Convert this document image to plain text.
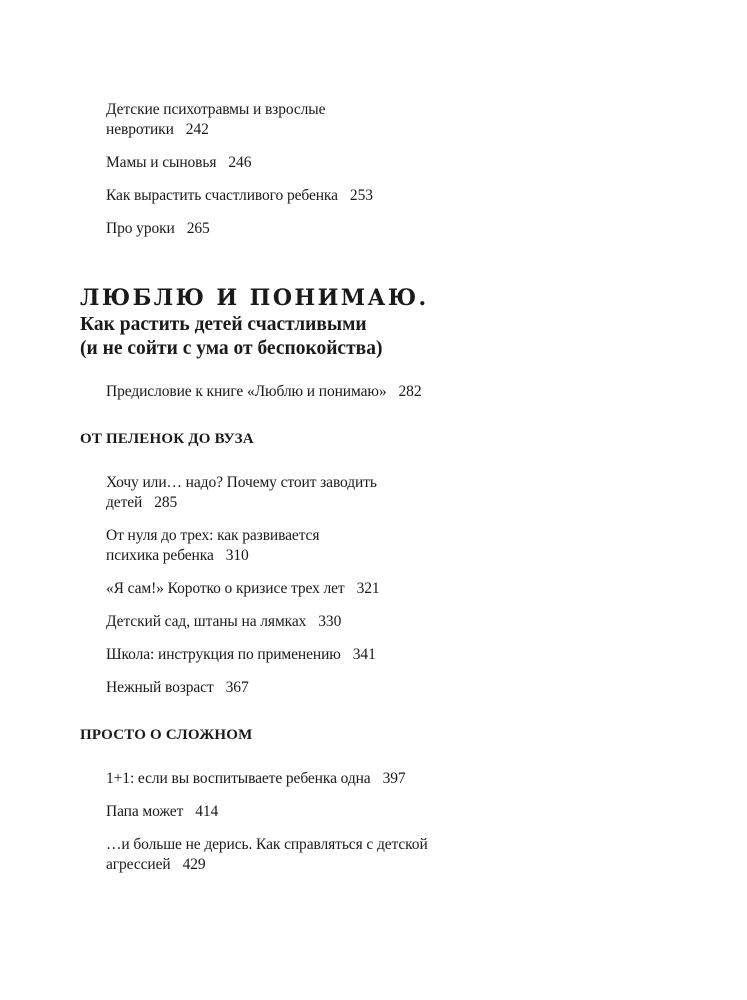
Детские психотравмы и взрослые
невротики 242
Мамы и сыновья 246
Как вырастить счастливого ребенка 253
Про уроки 265
ЛЮБЛЮ И ПОНИМАЮ.
Как растить детей счастливыми
(и не сойти с ума от беспокойства)
Предисловие к книге «Люблю и понимаю» 282
ОТ ПЕЛЕНОК ДО ВУЗА
Хочу или… надо? Почему стоит заводить
детей 285
От нуля до трех: как развивается
психика ребенка 310
«Я сам!» Коротко о кризисе трех лет 321
Детский сад, штаны на лямках 330
Школа: инструкция по применению 341
Нежный возраст 367
ПРОСТО О СЛОЖНОМ
1+1: если вы воспитываете ребенка одна 397
Папа может 414
…и больше не дерись. Как справляться с детской
агрессией 429
